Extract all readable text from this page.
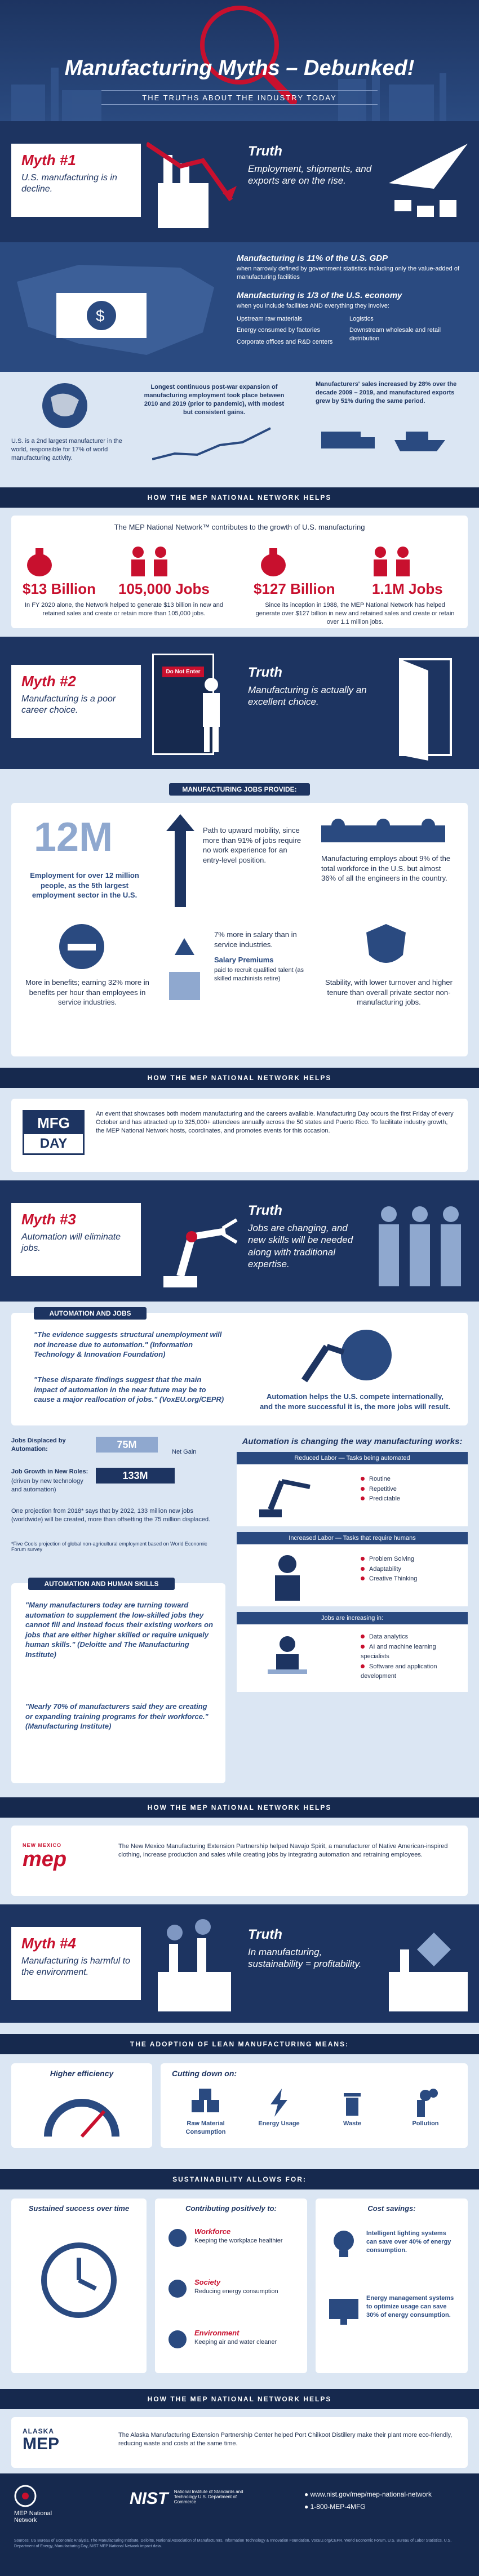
Manufacturing Myths – Debunked!
THE TRUTHS ABOUT THE INDUSTRY TODAY
Myth #1
U.S. manufacturing is in decline.
Truth
Employment, shipments, and exports are on the rise.
$
Manufacturing is 11% of the U.S. GDP
when narrowly defined by government statistics including only the value-added of manufacturing facilities
Manufacturing is 1/3 of the U.S. economy
when you include facilities AND everything they involve:
Upstream raw materials
Energy consumed by factories
Corporate offices and R&D centers
Logistics
Downstream wholesale and retail distribution
U.S. is a 2nd largest manufacturer in the world, responsible for 17% of world manufacturing activity.
Longest continuous post-war expansion of manufacturing employment took place between 2010 and 2019 (prior to pandemic), with modest but consistent gains.
Manufacturers' sales increased by 28% over the decade 2009 – 2019, and manufactured exports grew by 51% during the same period.
HOW THE MEP NATIONAL NETWORK HELPS
The MEP National Network™ contributes to the growth of U.S. manufacturing
$13 Billion 105,000 Jobs	$127 Billion	1.1M Jobs
In FY 2020 alone, the Network helped to generate $13 billion in new and retained sales and create or retain more than 105,000 jobs.
Since its inception in 1988, the MEP National Network has helped generate over $127 billion in new and retained sales and create or retain over 1.1 million jobs.
Myth #2
Manufacturing is a poor career choice.
Do Not Enter	Truth
Manufacturing is actually an excellent choice.
MANUFACTURING JOBS PROVIDE:
12M
Employment for over 12 million people, as the 5th largest employment sector in the U.S.
Path to upward mobility, since more than 91% of jobs require no work experience for an entry-level position.	Manufacturing employs about 9% of the total workforce in the U.S. but almost 36% of all the engineers in the country.
More in benefits; earning 32% more in benefits per hour than employees in service industries.
7% more in salary than in service industries.
Salary Premiums
paid to recruit qualified talent (as skilled machinists retire)	Stability, with lower turnover and higher tenure than overall private sector non-manufacturing jobs.
HOW THE MEP NATIONAL NETWORK HELPS
MFG
DAY
An event that showcases both modern manufacturing and the careers available. Manufacturing Day occurs the first Friday of every October and has attracted up to 325,000+ attendees annually across the 50 states and Puerto Rico. To facilitate industry growth, the MEP National Network hosts, coordinates, and promotes events for this occasion.
Myth #3
Automation will eliminate jobs.
Truth
Jobs are changing, and new skills will be needed along with traditional expertise.
AUTOMATION AND JOBS
"The evidence suggests structural unemployment will not increase due to automation." (Information Technology & Innovation Foundation)
"These disparate findings suggest that the main impact of automation in the near future may be to cause a major reallocation of jobs." (VoxEU.org/CEPR)	Automation helps the U.S. compete internationally, and the more successful it is, the more jobs will result.
Jobs Displaced by Automation:	75M
Net Gain
Job Growth in New Roles:
(driven by new technology and automation)
133M
One projection from 2018* says that by 2022, 133 million new jobs (worldwide) will be created, more than offsetting the 75 million displaced.
*Five Cools projection of global non-agricultural employment based on World Economic Forum survey
Automation is changing the way manufacturing works:
Reduced Labor — Tasks being automated
Routine
Repetitive
Predictable
Increased Labor — Tasks that require humans
Problem Solving
Adaptability
Creative Thinking
Jobs are increasing in:
Data analytics
AI and machine learning specialists
Software and application development
AUTOMATION AND HUMAN SKILLS
"Many manufacturers today are turning toward automation to supplement the low-skilled jobs they cannot fill and instead focus their existing workers on jobs that are either higher skilled or require uniquely human skills." (Deloitte and The Manufacturing Institute)
"Nearly 70% of manufacturers said they are creating or expanding training programs for their workforce." (Manufacturing Institute)
HOW THE MEP NATIONAL NETWORK HELPS
NEW MEXICO
mep
The New Mexico Manufacturing Extension Partnership helped Navajo Spirit, a manufacturer of Native American-inspired clothing, increase production and sales while creating jobs by integrating automation and retraining employees.
Myth #4
Manufacturing is harmful to the environment.
Truth
In manufacturing, sustainability = profitability.
THE ADOPTION OF LEAN MANUFACTURING MEANS:
Higher efficiency	Cutting down on:
Raw Material Consumption
Energy Usage	Waste	Pollution
SUSTAINABILITY ALLOWS FOR:
Sustained success over time	Contributing positively to:
Workforce
Keeping the workplace healthier
Society
Reducing energy consumption
Environment
Keeping air and water cleaner
Cost savings:
Intelligent lighting systems can save over 40% of energy consumption.
Energy management systems to optimize usage can save 30% of energy consumption.
HOW THE MEP NATIONAL NETWORK HELPS
ALASKA
MEP	The Alaska Manufacturing Extension Partnership Center helped Port Chilkoot Distillery make their plant more eco-friendly, reducing waste and costs at the same time.
MEP National Network
NIST National Institute of Standards and Technology U.S. Department of Commerce
● www.nist.gov/mep/mep-national-network
● 1-800-MEP-4MFG
Sources: US Bureau of Economic Analysis, The Manufacturing Institute, Deloitte, National Association of Manufacturers, Information Technology & Innovation Foundation, VoxEU.org/CEPR, World Economic Forum, U.S. Bureau of Labor Statistics, U.S. Department of Energy, Manufacturing Day, NIST MEP National Network impact data.
